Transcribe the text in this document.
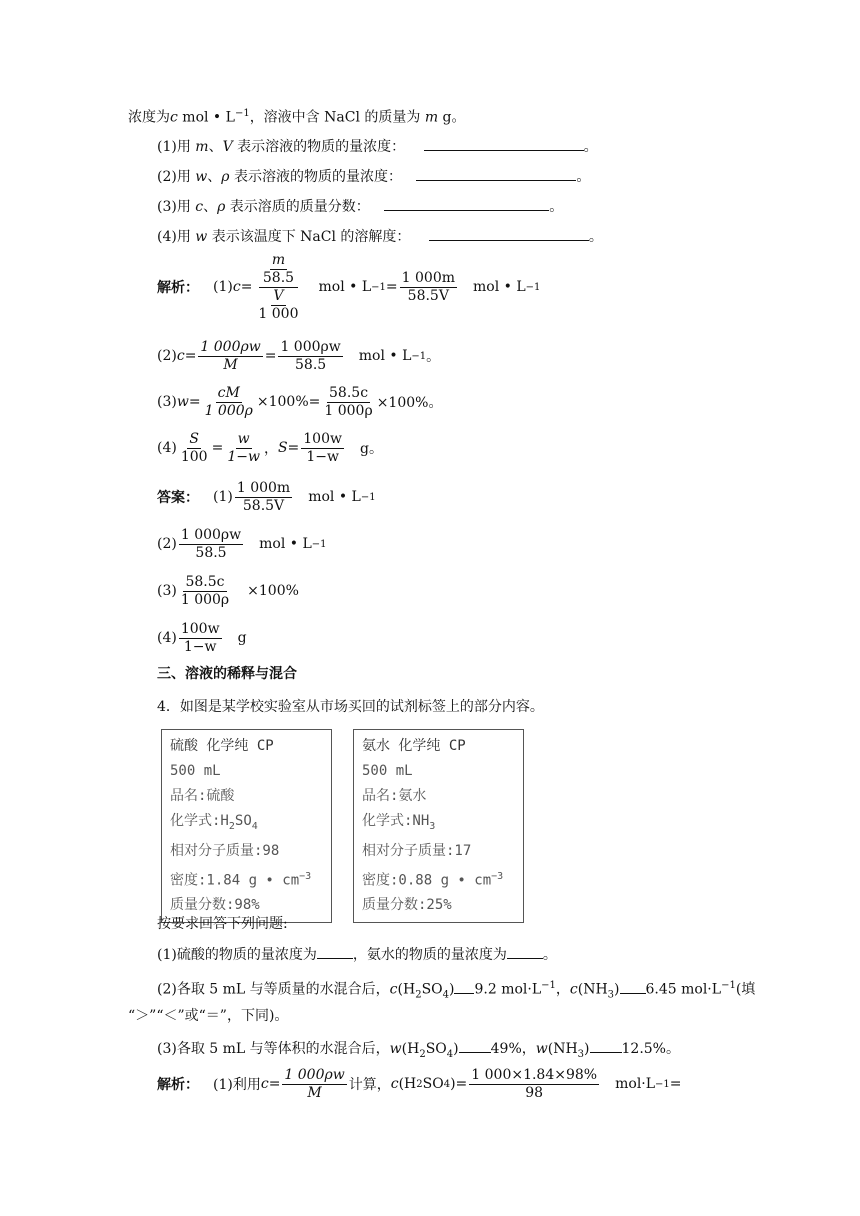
浓度为c mol • $L^{-1}$，溶液中含 NaCl 的质量为 m g。
(1)用 m、V 表示溶液的物质的量浓度：	。
(2)用 w、ρ 表示溶液的物质的量浓度：	。
(3)用 c、ρ 表示溶质的质量分数：	。
(4)用 w 表示该温度下 NaCl 的溶解度：	。
解析： (1) $c = \frac{\frac{m}{58.5}}{\frac{V}{1 000}}$ mol • $L -1 = \frac{1 000m}{58.5V}$ mol • L −1
(2) $c = \frac{1 000\rho w}{M} = \frac{1 000\rho w}{58.5}$ mol • L −1 。
(3) $w = \frac{cM}{1 000\rho} \times 100\%= \frac{58.5c}{1 000\rho} \times 100\%$。
$(4) \frac{S}{100} = \frac{w}{1-w}$ ， $S = \frac{100w}{1-w}$ g。
答案： $(1) \frac{1 000m}{58.5V}$ mol • L −1
$(2) \frac{1 000\rho w}{58.5}$ mol • L −1
$(3) \frac{58.5c}{1 000\rho} \times 100\%$
$(4) \frac{100w}{1-w}$ g
三、溶液的稀释与混合
4．如图是某学校实验室从市场买回的试剂标签上的部分内容。
硫酸 化学纯 CP
500 mL
品名:硫酸
化学式$:H_2SO_4$
相对分子质量:98
密度:1.84 g • $cm^{-3}$
质量分数:98%
氨水 化学纯 CP
500 mL
品名:氨水
化学式$:NH_3$
相对分子质量:17
密度:0.88 g • $cm^{-3}$
质量分数:25%
按要求回答下列问题:
(1)硫酸的物质的量浓度为	，氨水的物质的量浓度为	。
(2)各取 5 mL 与等质量的水混合后，$c(H_2SO_4)$ 9.2 $mol\cdot L^{-1}$，$c(NH_3)$ 6.45 $mol\cdot L^{-1}$(填
“＞”“＜”或“＝”，下同)。
(3)各取 5 mL 与等体积的水混合后，$w(H_2SO_4)$ 49%，$w(NH_3)$ 12.5%。
解析： (1)利用 $c = \frac{1 000\rho w}{M}$ 计算， c (H 2 SO 4 )= $\frac{1 000\times 1.84\times 98\%}{98} mol\cdot L -1$ =
